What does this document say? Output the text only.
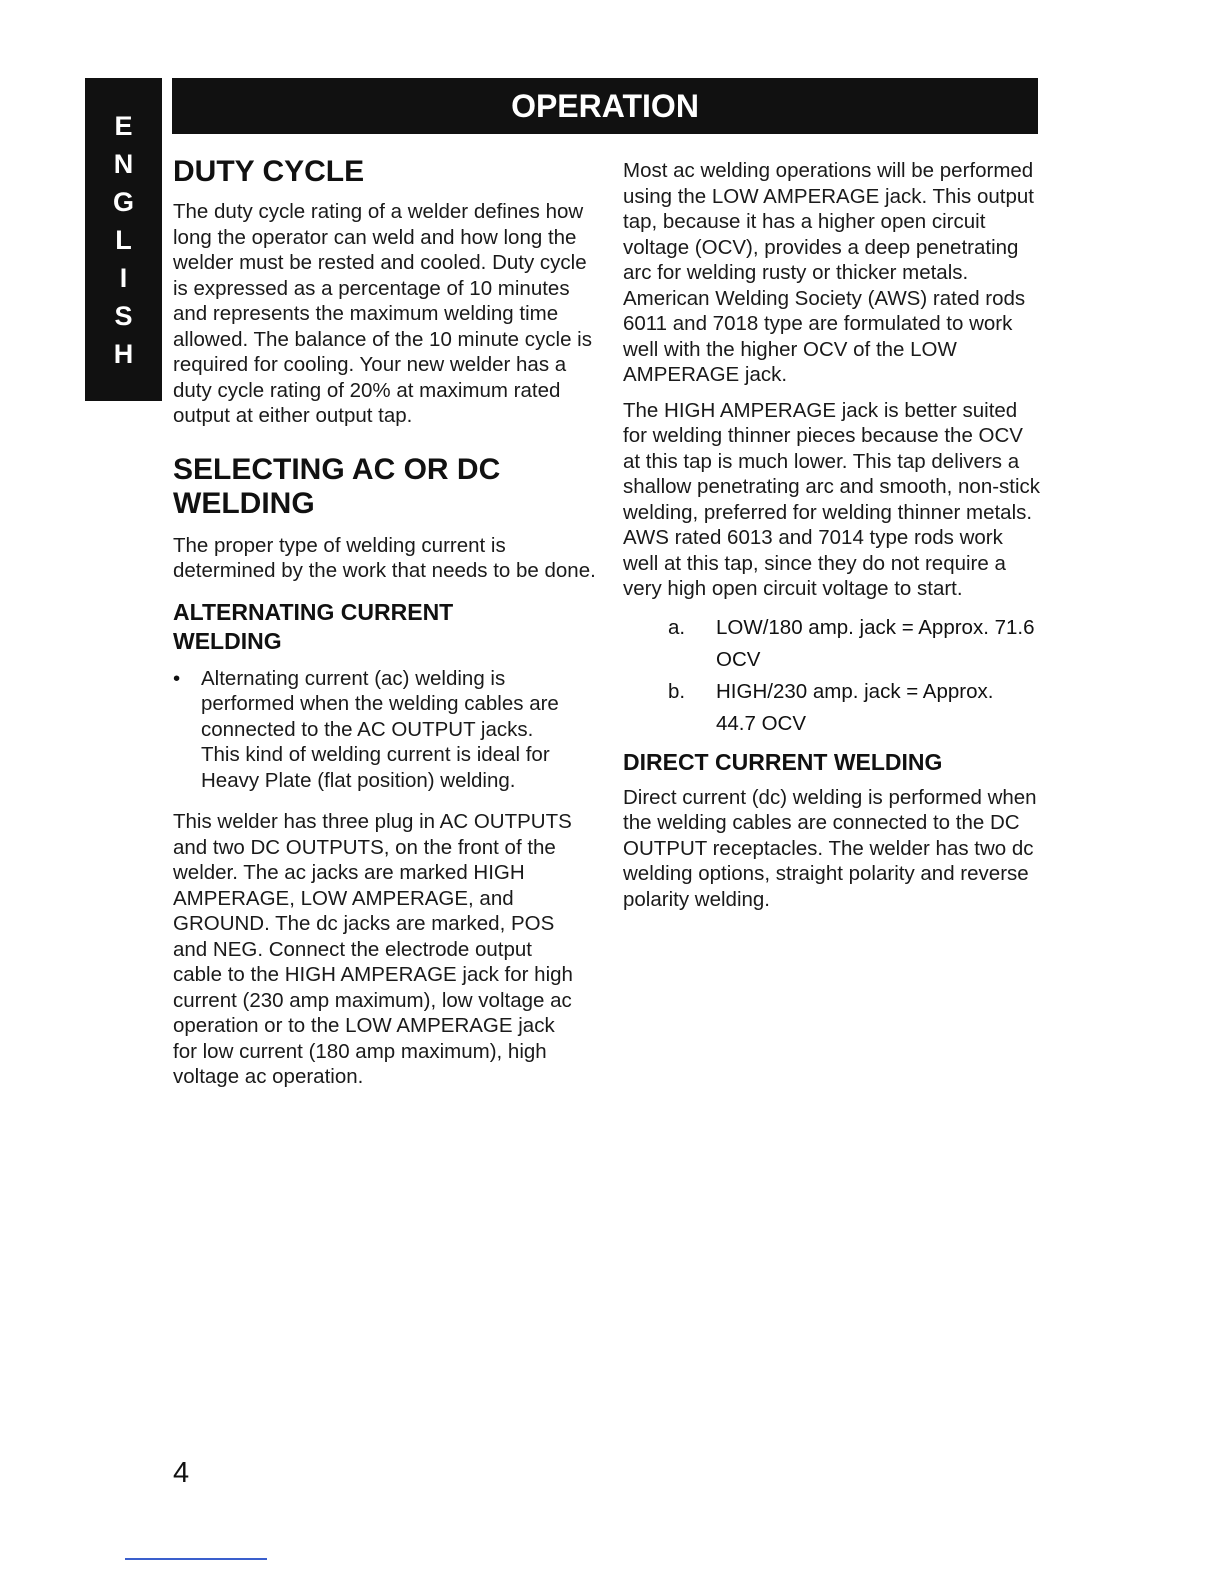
E
N
G
L
I
S
H
OPERATION
DUTY CYCLE

The duty cycle rating of a welder defines how long the operator can weld and how long the welder must be rested and cooled. Duty cycle is expressed as a percentage of 10 minutes and represents the maximum welding time allowed. The balance of the 10 minute cycle is required for cooling. Your new welder has a duty cycle rating of 20% at maximum rated output at either output tap.

SELECTING AC OR DC WELDING

The proper type of welding current is determined by the work that needs to be done.

ALTERNATING CURRENT WELDING
•	Alternating current (ac) welding is performed when the welding cables are connected to the AC OUTPUT jacks. This kind of welding current is ideal for Heavy Plate (flat position) welding.

This welder has three plug in AC OUTPUTS and two DC OUTPUTS, on the front of the welder. The ac jacks are marked HIGH AMPERAGE, LOW AMPERAGE, and GROUND. The dc jacks are marked, POS and NEG. Connect the electrode output cable to the HIGH AMPERAGE jack for high current (230 amp maximum), low voltage ac operation or to the LOW AMPERAGE jack for low current (180 amp maximum), high voltage ac operation.

Most ac welding operations will be performed using the LOW AMPERAGE jack. This output tap, because it has a higher open circuit voltage (OCV), provides a deep penetrating arc for welding rusty or thicker metals. American Welding Society (AWS) rated rods 6011 and 7018 type are formulated to work well with the higher OCV of the LOW AMPERAGE jack.

The HIGH AMPERAGE jack is better suited for welding thinner pieces because the OCV at this tap is much lower. This tap delivers a shallow penetrating arc and smooth, non-stick welding, preferred for welding thinner metals. AWS rated 6013 and 7014 type rods work well at this tap, since they do not require a very high open circuit voltage to start.

a.	LOW/180 amp. jack = Approx. 71.6 OCV

b.	HIGH/230 amp. jack = Approx. 44.7 OCV

DIRECT CURRENT WELDING

Direct current (dc) welding is performed when the welding cables are connected to the DC OUTPUT receptacles. The welder has two dc welding options, straight polarity and reverse polarity welding.

4
